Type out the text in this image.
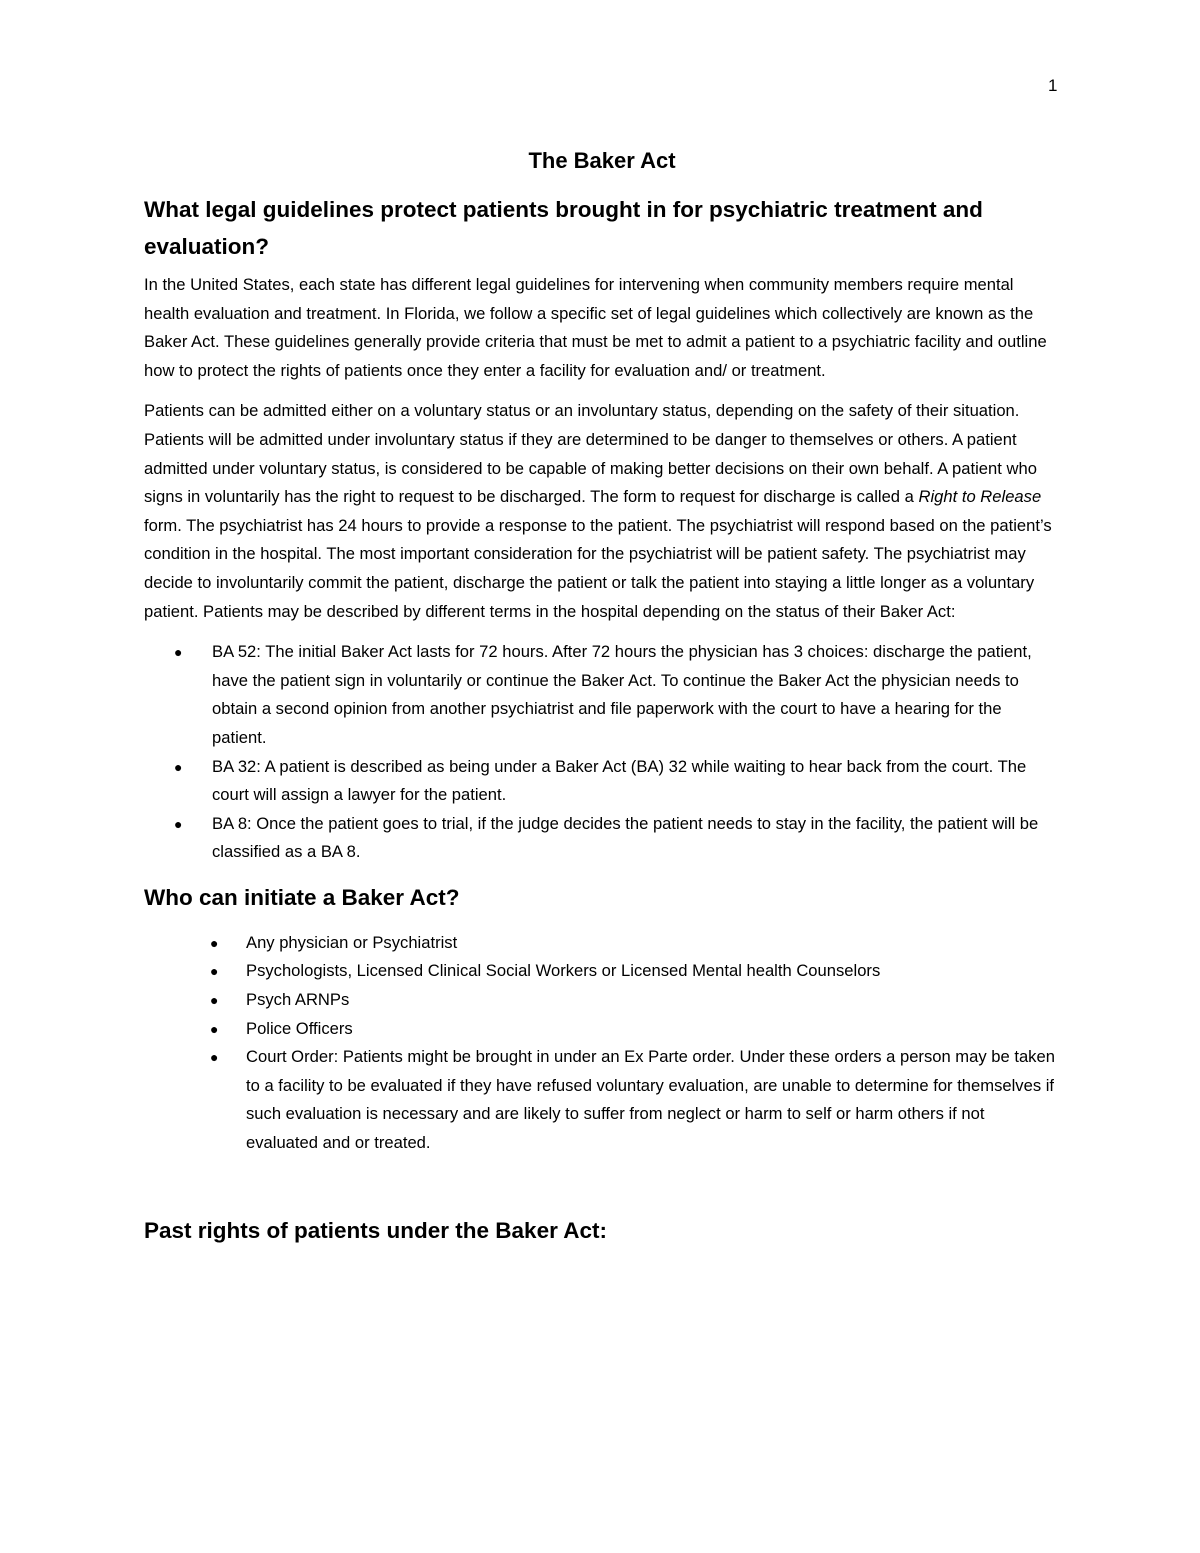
1
The Baker Act
What legal guidelines protect patients brought in for psychiatric treatment and evaluation?

In the United States, each state has different legal guidelines for intervening when community members require mental health evaluation and treatment. In Florida, we follow a specific set of legal guidelines which collectively are known as the Baker Act. These guidelines generally provide criteria that must be met to admit a patient to a psychiatric facility and outline how to protect the rights of patients once they enter a facility for evaluation and/ or treatment.

Patients can be admitted either on a voluntary status or an involuntary status, depending on the safety of their situation. Patients will be admitted under involuntary status if they are determined to be danger to themselves or others. A patient admitted under voluntary status, is considered to be capable of making better decisions on their own behalf. A patient who signs in voluntarily has the right to request to be discharged. The form to request for discharge is called a Right to Release form. The psychiatrist has 24 hours to provide a response to the patient. The psychiatrist will respond based on the patient’s condition in the hospital. The most important consideration for the psychiatrist will be patient safety. The psychiatrist may decide to involuntarily commit the patient, discharge the patient or talk the patient into staying a little longer as a voluntary patient. Patients may be described by different terms in the hospital depending on the status of their Baker Act:

● BA 52: The initial Baker Act lasts for 72 hours. After 72 hours the physician has 3 choices: discharge the patient, have the patient sign in voluntarily or continue the Baker Act. To continue the Baker Act the physician needs to obtain a second opinion from another psychiatrist and file paperwork with the court to have a hearing for the patient.
● BA 32: A patient is described as being under a Baker Act (BA) 32 while waiting to hear back from the court. The court will assign a lawyer for the patient.
● BA 8: Once the patient goes to trial, if the judge decides the patient needs to stay in the facility, the patient will be classified as a BA 8.
Who can initiate a Baker Act?
● Any physician or Psychiatrist
● Psychologists, Licensed Clinical Social Workers or Licensed Mental health Counselors
● Psych ARNPs
● Police Officers
● Court Order: Patients might be brought in under an Ex Parte order. Under these orders a person may be taken to a facility to be evaluated if they have refused voluntary evaluation, are unable to determine for themselves if such evaluation is necessary and are likely to suffer from neglect or harm to self or harm others if not evaluated and or treated.
Past rights of patients under the Baker Act:
